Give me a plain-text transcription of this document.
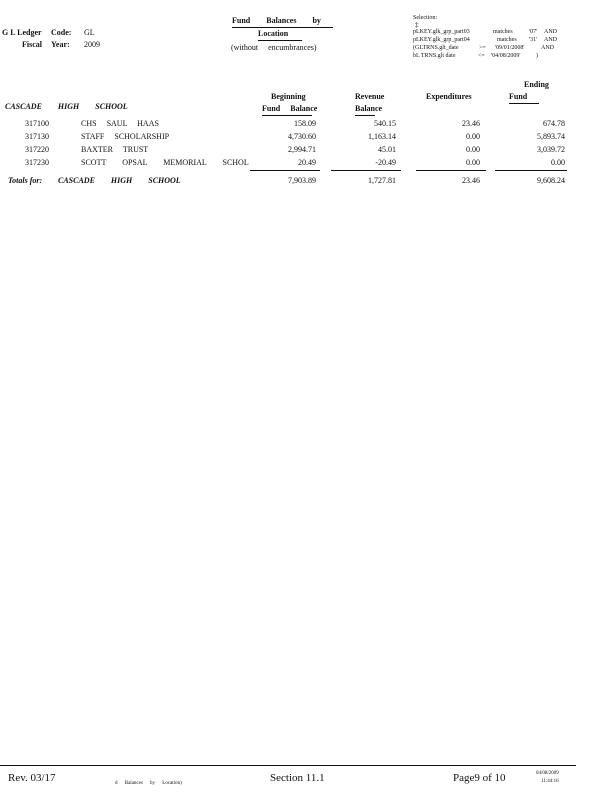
G L Ledger Code: GL
Fiscal Year: 2009
Fund Balances by
Location
(without encumbrances)
Selection:
‡
pLKEY.glk_grp_part03	matches	'07' AND
pLKEY.glk_grp_part04	matches '31' AND
(GLTRNS.glt_date	>= '09/01/2008'	AND
bL TRNS.glt date	<= '04/08/2009'	)
Ending
Beginning	Revenue	Expenditures	Fund
Fund Balance	Balance
CASCADE HIGH SCHOOL
317100	CHS SAUL HAAS	158.09	540.15	23.46	674.78
317130	STAFF SCHOLARSHIP	4,730.60	1,163.14	0.00	5,893.74
317220	BAXTER TRUST	2,994.71	45.01	0.00	3,039.72
317230	SCOTT OPSAL MEMORIAL SCHOL	20.49	-20.49	0.00	0.00
Totals for: CASCADE HIGH SCHOOL	7,903.89	1,727.81	23.46	9,608.24
Rev. 03/17	d Balances by Location)	Section 11.1	Page9 of 10	04/08/2009
11:44:16
